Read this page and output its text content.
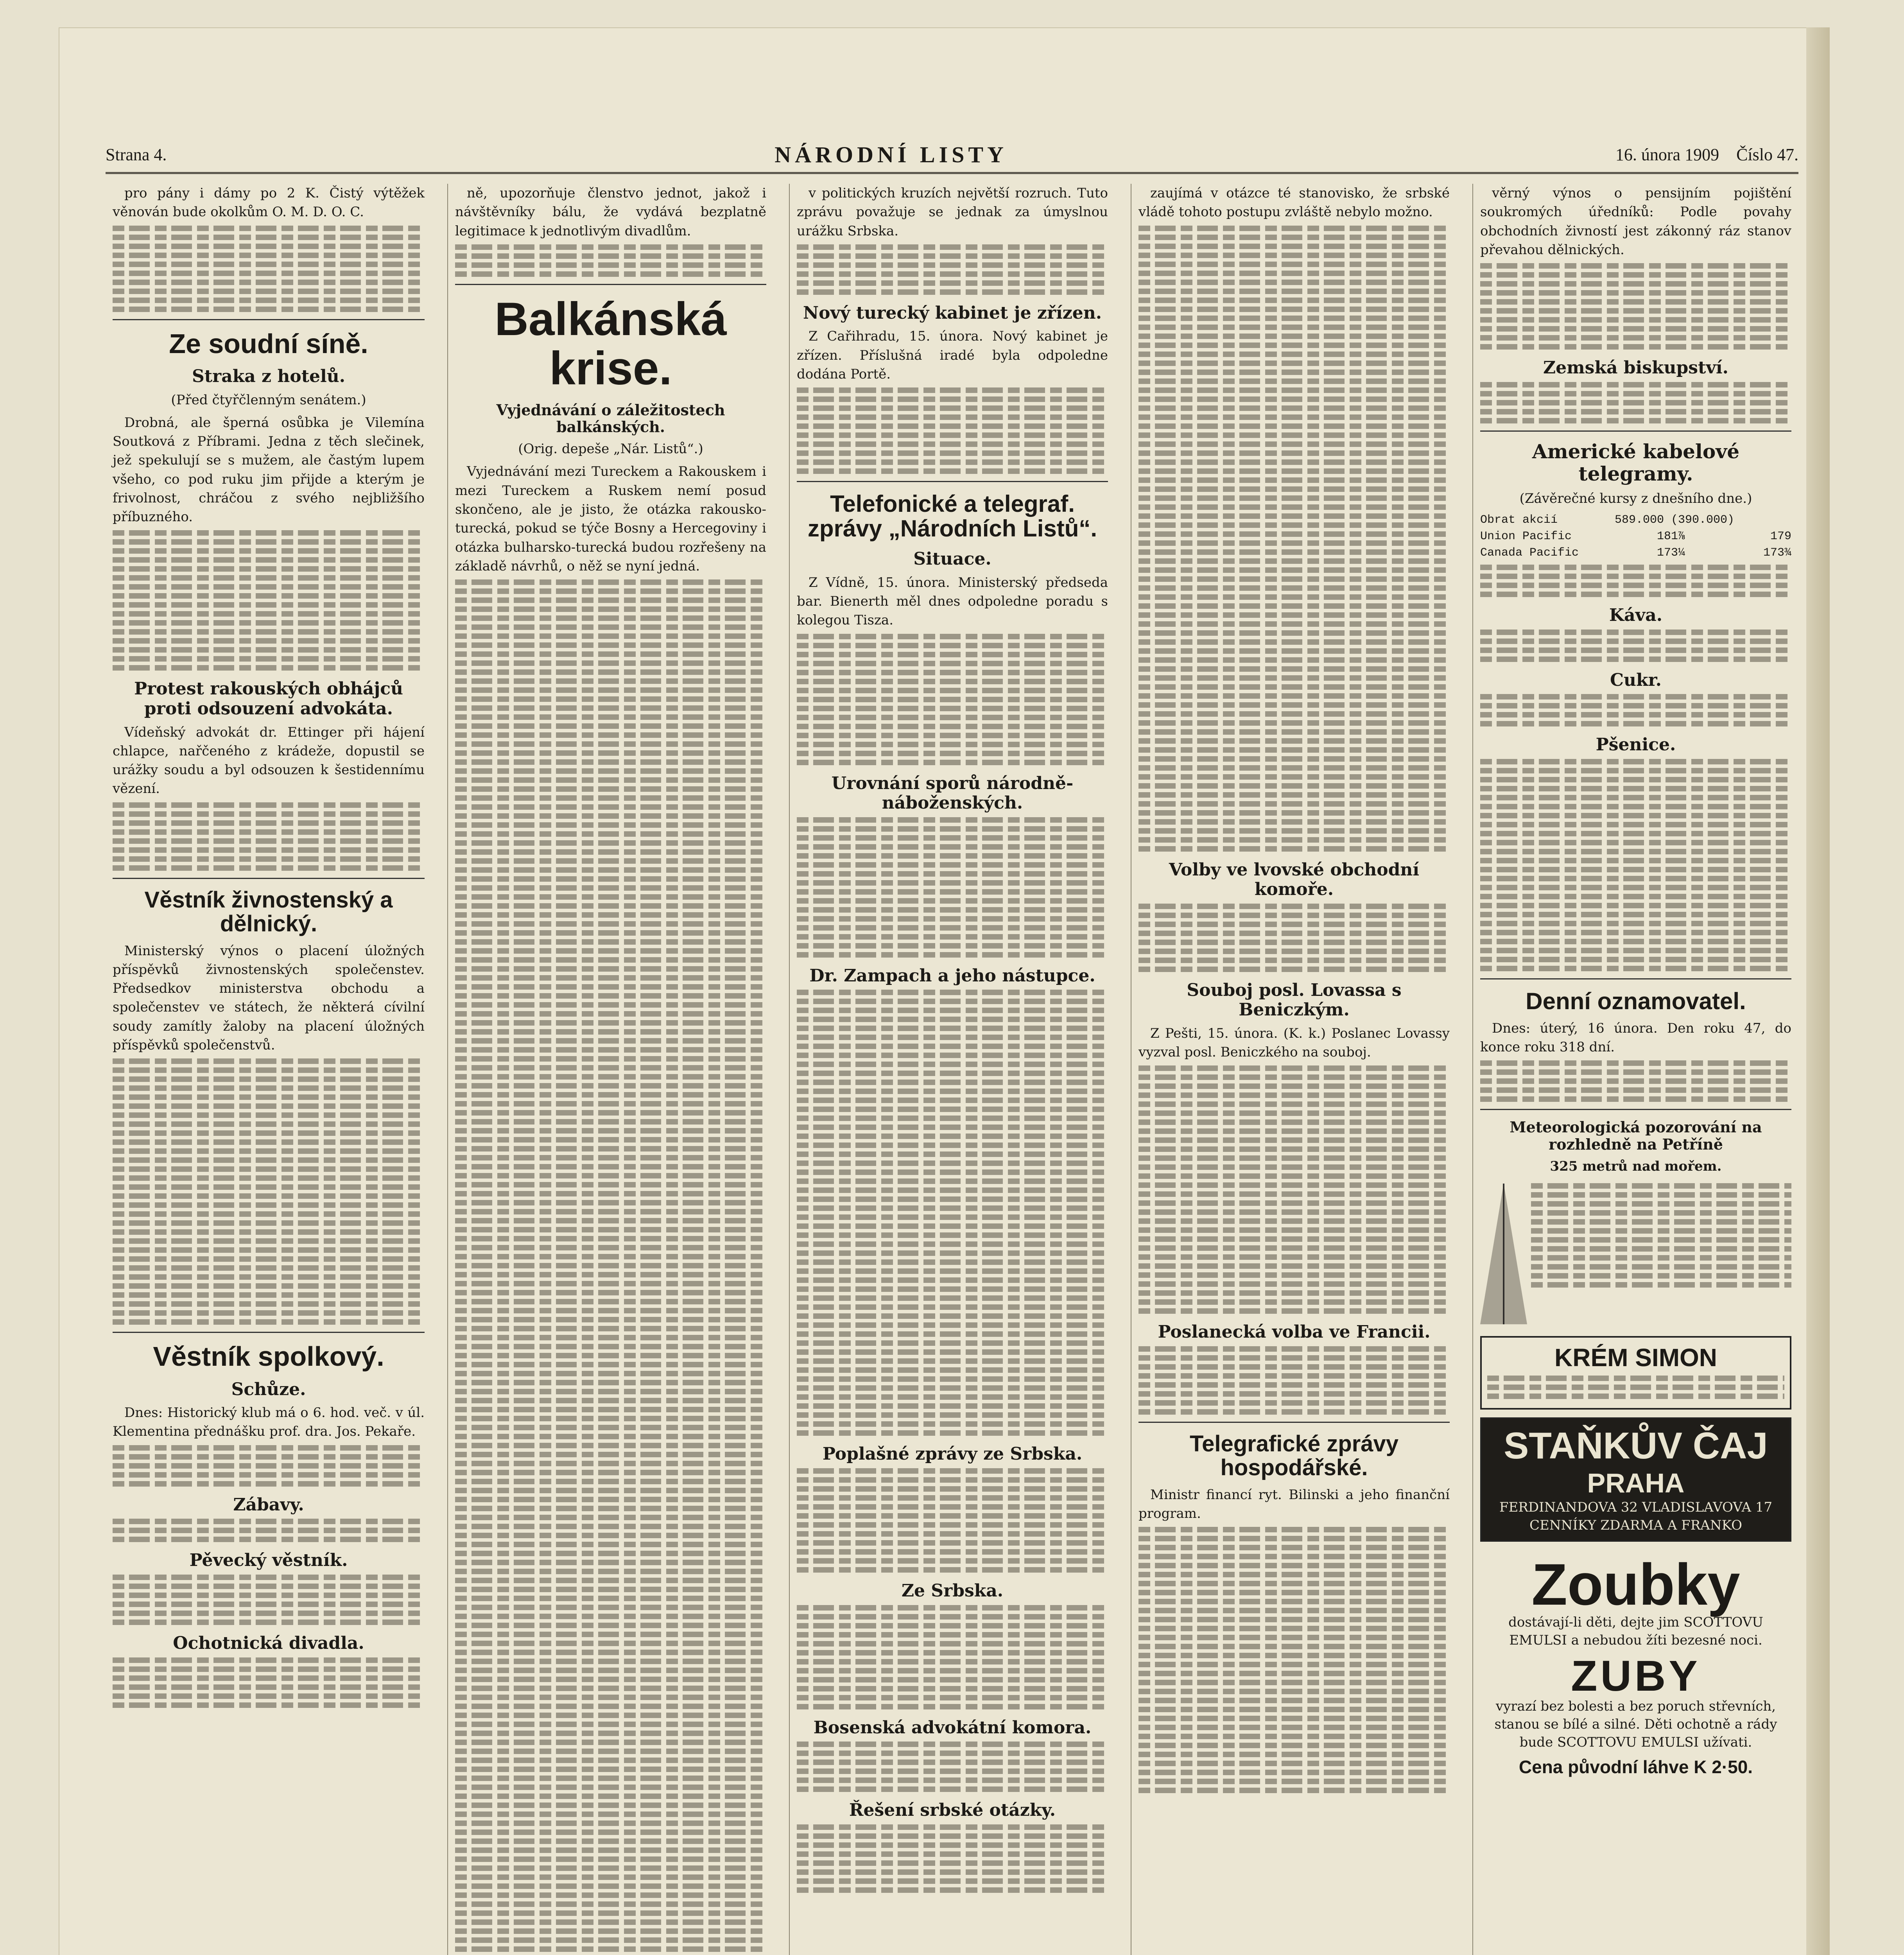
Strana 4.	NÁRODNÍ LISTY	16. února 1909 Číslo 47.

pro pány i dámy po 2 K. Čistý výtěžek věnován bude okolkům O. M. D. O. C.

Ze soudní síně.
Straka z hotelů.

(Před čtyřčlenným senátem.)

Drobná, ale šperná osůbka je Vilemína Soutková z Příbrami. Jedna z těch slečinek, jež spekulují se s mužem, ale častým lupem všeho, co pod ruku jim přijde a kterým je frivolnost, chráčou z svého nejbližšího příbuzného.

Protest rakouských obhájců proti odsouzení advokáta.

Vídeňský advokát dr. Ettinger při hájení chlapce, nařčeného z krádeže, dopustil se urážky soudu a byl odsouzen k šestidennímu vězení.

Věstník živnostenský a dělnický.

Ministerský výnos o placení úložných příspěvků živnostenských společenstev. Předsedkov ministerstva obchodu a společenstev ve státech, že některá cívilní soudy zamítly žaloby na placení úložných příspěvků společenstvů.

Věstník spolkový.
Schůze.

Dnes: Historický klub má o 6. hod. več. v úl. Klementina přednášku prof. dra. Jos. Pekaře.

Zábavy.
Pěvecký věstník.
Ochotnická divadla.

ně, upozorňuje členstvo jednot, jakož i návštěvníky bálu, že vydává bezplatně legitimace k jednotlivým divadlům.

Balkánská krise.
Vyjednávání o záležitostech balkánských.

(Orig. depeše „Nár. Listů“.)

Vyjednávání mezi Tureckem a Rakouskem i mezi Tureckem a Ruskem nemí posud skončeno, ale je jisto, že otázka rakousko-turecká, pokud se týče Bosny a Hercegoviny i otázka bulharsko-turecká budou rozřešeny na základě návrhů, o něž se nyní jedná.

v politických kruzích největší rozruch. Tuto zprávu považuje se jednak za úmyslnou urážku Srbska.

Nový turecký kabinet je zřízen.

Z Cařihradu, 15. února. Nový kabinet je zřízen. Příslušná iradé byla odpoledne dodána Portě.

Telefonické a telegraf. zprávy „Národních Listů“.
Situace.

Z Vídně, 15. února. Ministerský předseda bar. Bienerth měl dnes odpoledne poradu s kolegou Tisza.

Urovnání sporů národně-náboženských.
Dr. Zampach a jeho nástupce.
Poplašné zprávy ze Srbska.
Ze Srbska.
Bosenská advokátní komora.
Řešení srbské otázky.

zaujímá v otázce té stanovisko, že srbské vládě tohoto postupu zvláště nebylo možno.

Volby ve lvovské obchodní komoře.
Souboj posl. Lovassa s Beniczkým.

Z Pešti, 15. února. (K. k.) Poslanec Lovassy vyzval posl. Beniczkého na souboj.

Poslanecká volba ve Francii.
Telegrafické zprávy hospodářské.

Ministr financí ryt. Bilinski a jeho finanční program.

věrný výnos o pensijním pojištění soukromých úředníků: Podle povahy obchodních živností jest zákonný ráz stanov převahou dělnických.

Zemská biskupství.
Americké kabelové telegramy.

(Závěrečné kursy z dnešního dne.)

Obrat akcií	589.000 (390.000)
Union Pacific	181⅞	179
Canada Pacific	173¼	173¾
Káva.
Cukr.
Pšenice.
Denní oznamovatel.

Dnes: úterý, 16 února. Den roku 47, do konce roku 318 dní.

Meteorologická pozorování na rozhledně na Petříně

325 metrů nad mořem.

KRÉM SIMON
STAŇKŮV ČAJ
PRAHA
FERDINANDOVA 32 VLADISLAVOVA 17
CENNÍKY ZDARMA A FRANKO
Zoubky
dostávají-li děti, dejte jim SCOTTOVU EMULSI a nebudou žíti bezesné noci.
ZUBY
vyrazí bez bolesti a bez poruch střevních, stanou se bílé a silné. Děti ochotně a rády bude SCOTTOVU EMULSI užívati.
Cena původní láhve K 2·50.
